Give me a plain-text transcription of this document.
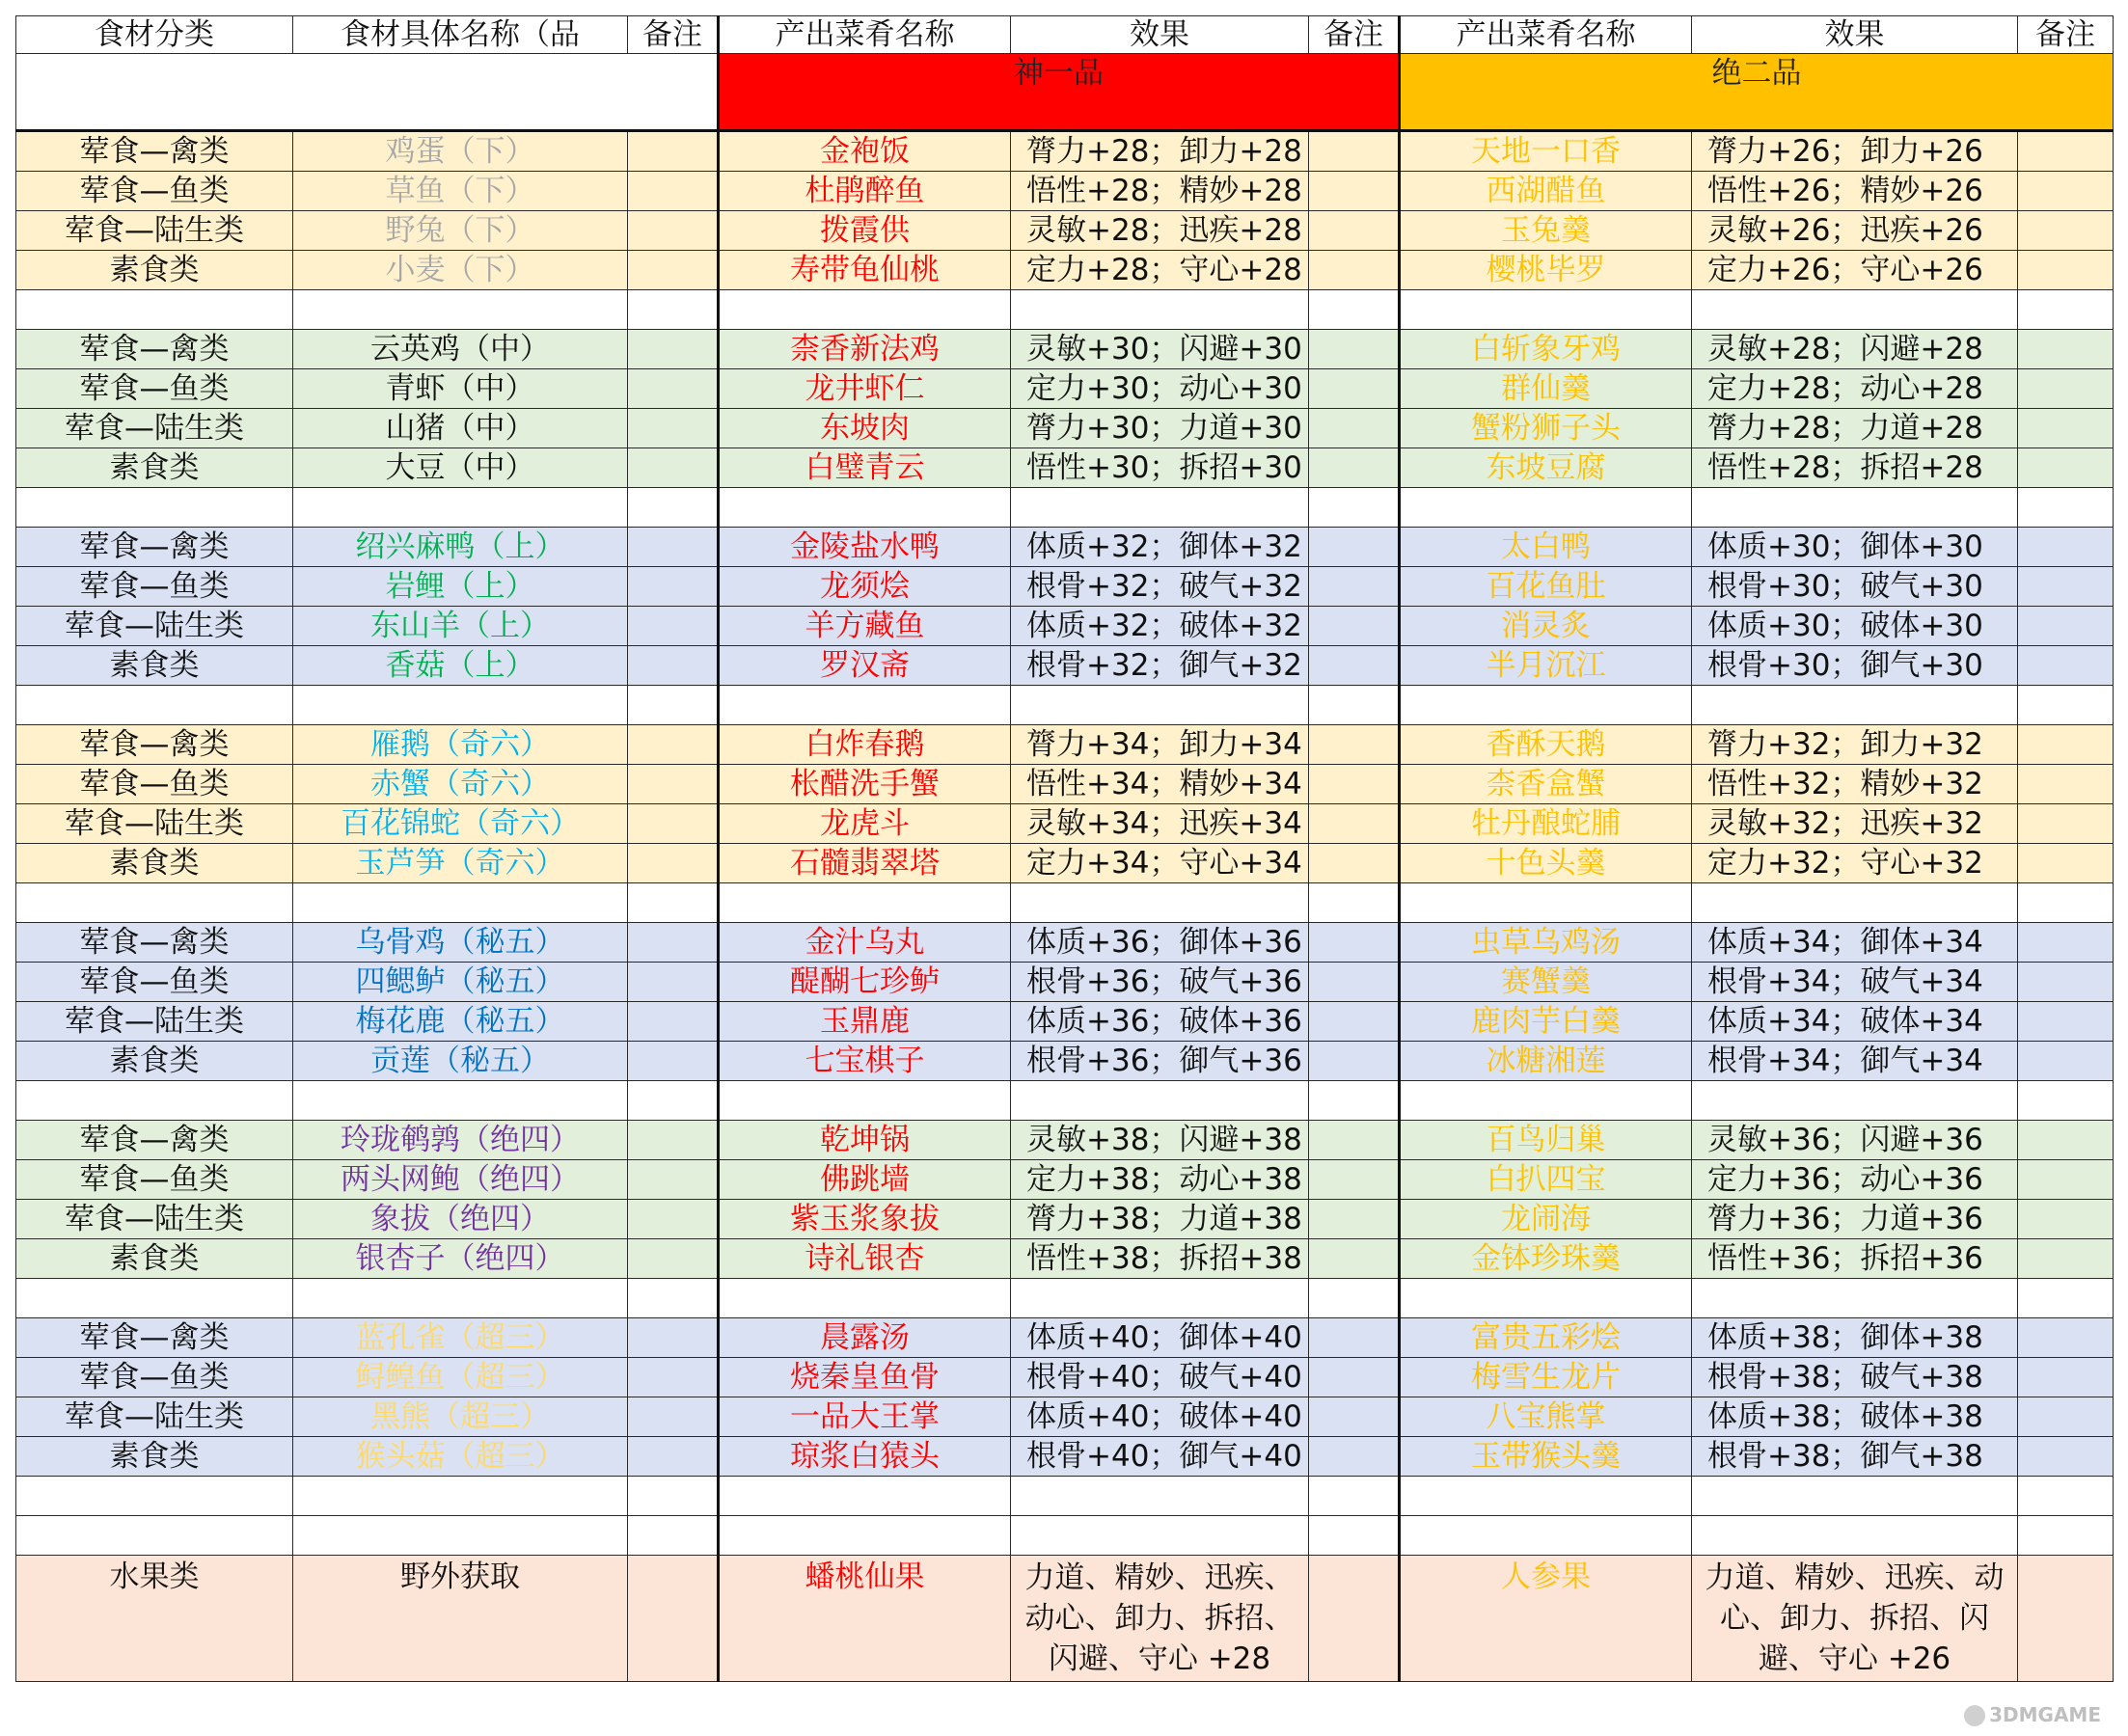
食材分类	食材具体名称（品	备注	产出菜肴名称	效果	备注	产出菜肴名称	效果	备注
			神一品			绝二品		
荤食—禽类	鸡蛋（下）		金袍饭	膂力+28；卸力+28		天地一口香	膂力+26；卸力+26	
荤食—鱼类	草鱼（下）		杜鹃醉鱼	悟性+28；精妙+28		西湖醋鱼	悟性+26；精妙+26	
荤食—陆生类	野兔（下）		拨霞供	灵敏+28；迅疾+28		玉兔羹	灵敏+26；迅疾+26	
素食类	小麦（下）		寿带龟仙桃	定力+28；守心+28		樱桃毕罗	定力+26；守心+26	

荤食—禽类	云英鸡（中）		柰香新法鸡	灵敏+30；闪避+30		白斩象牙鸡	灵敏+28；闪避+28	
荤食—鱼类	青虾（中）		龙井虾仁	定力+30；动心+30		群仙羹	定力+28；动心+28	
荤食—陆生类	山猪（中）		东坡肉	膂力+30；力道+30		蟹粉狮子头	膂力+28；力道+28	
素食类	大豆（中）		白璧青云	悟性+30；拆招+30		东坡豆腐	悟性+28；拆招+28	

荤食—禽类	绍兴麻鸭（上）		金陵盐水鸭	体质+32；御体+32		太白鸭	体质+30；御体+30	
荤食—鱼类	岩鲤（上）		龙须烩	根骨+32；破气+32		百花鱼肚	根骨+30；破气+30	
荤食—陆生类	东山羊（上）		羊方藏鱼	体质+32；破体+32		消灵炙	体质+30；破体+30	
素食类	香菇（上）		罗汉斋	根骨+32；御气+32		半月沉江	根骨+30；御气+30	

荤食—禽类	雁鹅（奇六）		白炸春鹅	膂力+34；卸力+34		香酥天鹅	膂力+32；卸力+32	
荤食—鱼类	赤蟹（奇六）		枨醋洗手蟹	悟性+34；精妙+34		柰香盒蟹	悟性+32；精妙+32	
荤食—陆生类	百花锦蛇（奇六）		龙虎斗	灵敏+34；迅疾+34		牡丹酿蛇脯	灵敏+32；迅疾+32	
素食类	玉芦笋（奇六）		石髓翡翠塔	定力+34；守心+34		十色头羹	定力+32；守心+32	

荤食—禽类	乌骨鸡（秘五）		金汁乌丸	体质+36；御体+36		虫草乌鸡汤	体质+34；御体+34	
荤食—鱼类	四鳃鲈（秘五）		醍醐七珍鲈	根骨+36；破气+36		赛蟹羹	根骨+34；破气+34	
荤食—陆生类	梅花鹿（秘五）		玉鼎鹿	体质+36；破体+36		鹿肉芋白羹	体质+34；破体+34	
素食类	贡莲（秘五）		七宝棋子	根骨+36；御气+36		冰糖湘莲	根骨+34；御气+34	

荤食—禽类	玲珑鹌鹑（绝四）		乾坤锅	灵敏+38；闪避+38		百鸟归巢	灵敏+36；闪避+36	
荤食—鱼类	两头网鲍（绝四）		佛跳墙	定力+38；动心+38		白扒四宝	定力+36；动心+36	
荤食—陆生类	象拔（绝四）		紫玉浆象拔	膂力+38；力道+38		龙闹海	膂力+36；力道+36	
素食类	银杏子（绝四）		诗礼银杏	悟性+38；拆招+38		金钵珍珠羹	悟性+36；拆招+36	

荤食—禽类	蓝孔雀（超三）		晨露汤	体质+40；御体+40		富贵五彩烩	体质+38；御体+38	
荤食—鱼类	鲟鳇鱼（超三）		烧秦皇鱼骨	根骨+40；破气+40		梅雪生龙片	根骨+38；破气+38	
荤食—陆生类	黑熊（超三）		一品大王掌	体质+40；破体+40		八宝熊掌	体质+38；破体+38	
素食类	猴头菇（超三）		琼浆白猿头	根骨+40；御气+40		玉带猴头羹	根骨+38；御气+38	

水果类	野外获取		蟠桃仙果	力道、精妙、迅疾、动心、卸力、拆招、闪避、守心 +28		人参果	力道、精妙、迅疾、动心、卸力、拆招、闪避、守心 +26	
3DMGAME
